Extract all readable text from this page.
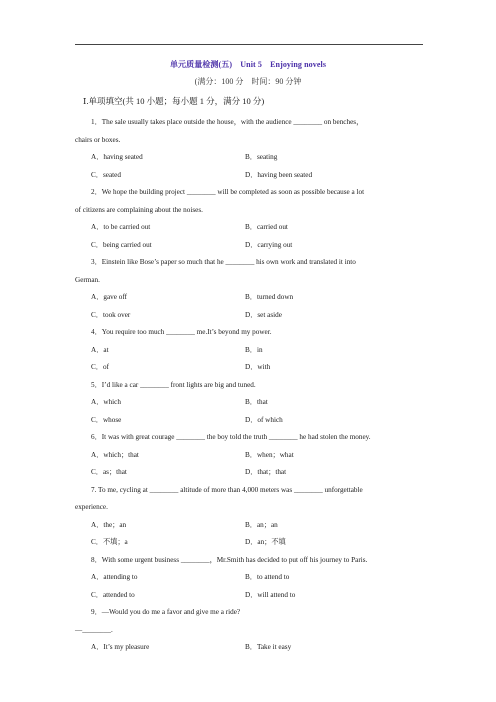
单元质量检测(五)　Unit 5　Enjoying novels
(满分：100 分　时间：90 分钟
Ⅰ.单项填空(共 10 小题；每小题 1 分，满分 10 分)
1．The sale usually takes place outside the house，with the audience ________ on benches，
chairs or boxes.
A．having seated	B．seating
C．seated	D．having been seated
2．We hope the building project ________ will be completed as soon as possible because a lot
of citizens are complaining about the noises.
A．to be carried out	B．carried out
C．being carried out	D．carrying out
3．Einstein like Bose’s paper so much that he ________ his own work and translated it into
German.
A．gave off	B．turned down
C．took over	D．set aside
4．You require too much ________ me.It’s beyond my power.
A．at	B．in
C．of	D．with
5．I’d like a car ________ front lights are big and tuned.
A．which	B．that
C．whose	D．of which
6．It was with great courage ________ the boy told the truth ________ he had stolen the money.
A．which；that	B．when；what
C．as；that	D．that；that
7. To me, cycling at ________ altitude of more than 4,000 meters was ________ unforgettable
experience.
A．the；an	B．an；an
C．不填；a	D．an；不填
8．With some urgent business ________，Mr.Smith has decided to put off his journey to Paris.
A．attending to	B．to attend to
C．attended to	D．will attend to
9．—Would you do me a favor and give me a ride?
—________.
A．It’s my pleasure	B．Take it easy
